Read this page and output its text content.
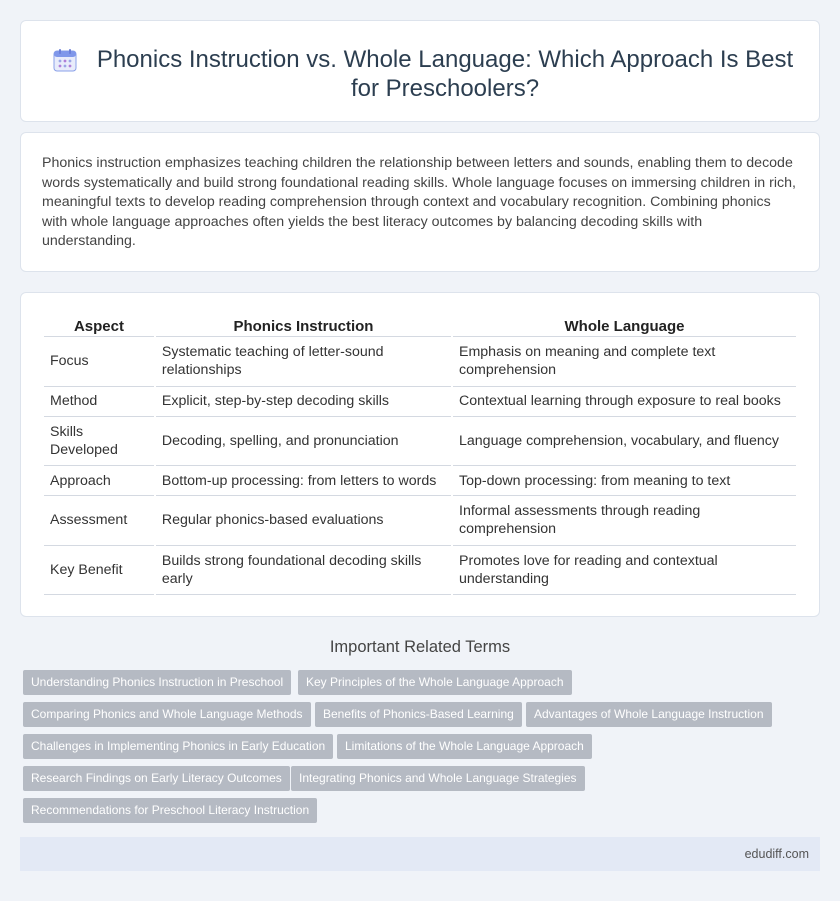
Phonics Instruction vs. Whole Language: Which Approach Is Best for Preschoolers?

Phonics instruction emphasizes teaching children the relationship between letters and sounds, enabling them to decode words systematically and build strong foundational reading skills. Whole language focuses on immersing children in rich, meaningful texts to develop reading comprehension through context and vocabulary recognition. Combining phonics with whole language approaches often yields the best literacy outcomes by balancing decoding skills with understanding.

Aspect	Phonics Instruction	Whole Language
Focus	Systematic teaching of letter-sound relationships	Emphasis on meaning and complete text comprehension
Method	Explicit, step-by-step decoding skills	Contextual learning through exposure to real books
Skills Developed	Decoding, spelling, and pronunciation	Language comprehension, vocabulary, and fluency
Approach	Bottom-up processing: from letters to words	Top-down processing: from meaning to text
Assessment	Regular phonics-based evaluations	Informal assessments through reading comprehension
Key Benefit	Builds strong foundational decoding skills early	Promotes love for reading and contextual understanding
Important Related Terms
Understanding Phonics Instruction in Preschool	Key Principles of the Whole Language Approach
Comparing Phonics and Whole Language Methods	Benefits of Phonics-Based Learning	Advantages of Whole Language Instruction
Challenges in Implementing Phonics in Early Education	Limitations of the Whole Language Approach
Research Findings on Early Literacy Outcomes	Integrating Phonics and Whole Language Strategies
Recommendations for Preschool Literacy Instruction
edudiff.com
